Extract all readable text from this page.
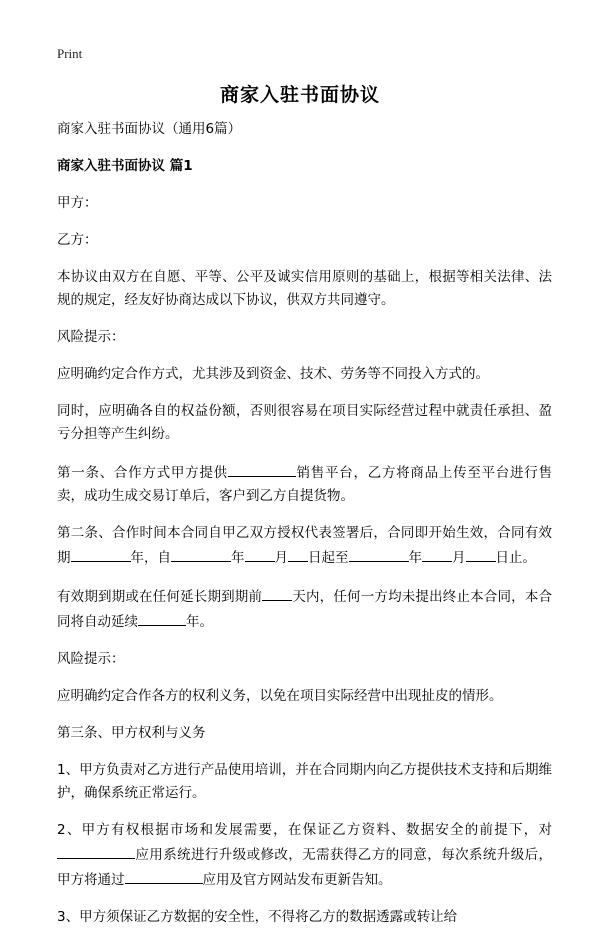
Print
商家入驻书面协议

商家入驻书面协议（通用6篇）

商家入驻书面协议 篇1

甲方：

乙方：

本协议由双方在自愿、平等、公平及诚实信用原则的基础上，根据等相关法律、法规的规定，经友好协商达成以下协议，供双方共同遵守。

风险提示：

应明确约定合作方式，尤其涉及到资金、技术、劳务等不同投入方式的。

同时，应明确各自的权益份额，否则很容易在项目实际经营过程中就责任承担、盈亏分担等产生纠纷。

第一条、合作方式甲方提供	销售平台，乙方将商品上传至平台进行售卖，成功生成交易订单后，客户到乙方自提货物。

第二条、合作时间本合同自甲乙双方授权代表签署后，合同即开始生效，合同有效期	年，自	年 月 日起至	年 月 日止。

有效期到期或在任何延长期到期前 天内，任何一方均未提出终止本合同，本合同将自动延续	年。

风险提示：

应明确约定合作各方的权利义务，以免在项目实际经营中出现扯皮的情形。

第三条、甲方权利与义务

1、甲方负责对乙方进行产品使用培训，并在合同期内向乙方提供技术支持和后期维护，确保系统正常运行。

2、甲方有权根据市场和发展需要，在保证乙方资料、数据安全的前提下，对应用系统进行升级或修改，无需获得乙方的同意，每次系统升级后，甲方将通过	应用及官方网站发布更新告知。

3、甲方须保证乙方数据的安全性，不得将乙方的数据透露或转让给
